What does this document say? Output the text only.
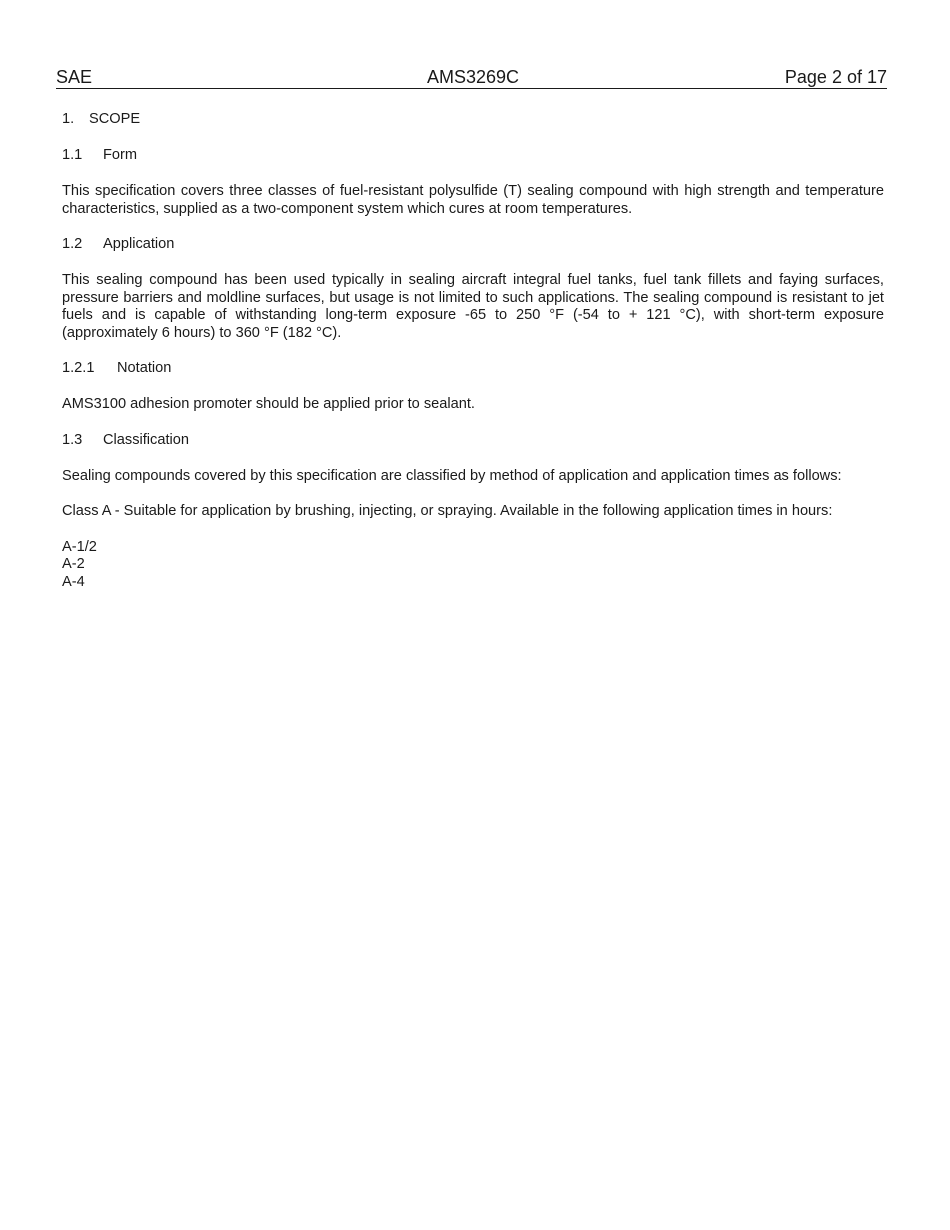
SAE	AMS3269C	Page 2 of 17

1. SCOPE

1.1 Form

This specification covers three classes of fuel-resistant polysulfide (T) sealing compound with high strength and temperature characteristics, supplied as a two-component system which cures at room temperatures.

1.2 Application

This sealing compound has been used typically in sealing aircraft integral fuel tanks, fuel tank fillets and faying surfaces, pressure barriers and moldline surfaces, but usage is not limited to such applications. The sealing compound is resistant to jet fuels and is capable of withstanding long-term exposure -65 to 250 °F (-54 to + 121 °C), with short-term exposure (approximately 6 hours) to 360 °F (182 °C).

1.2.1 Notation

AMS3100 adhesion promoter should be applied prior to sealant.

1.3 Classification

Sealing compounds covered by this specification are classified by method of application and application times as follows:

Class A - Suitable for application by brushing, injecting, or spraying. Available in the following application times in hours:

A-1/2
A-2
A-4
